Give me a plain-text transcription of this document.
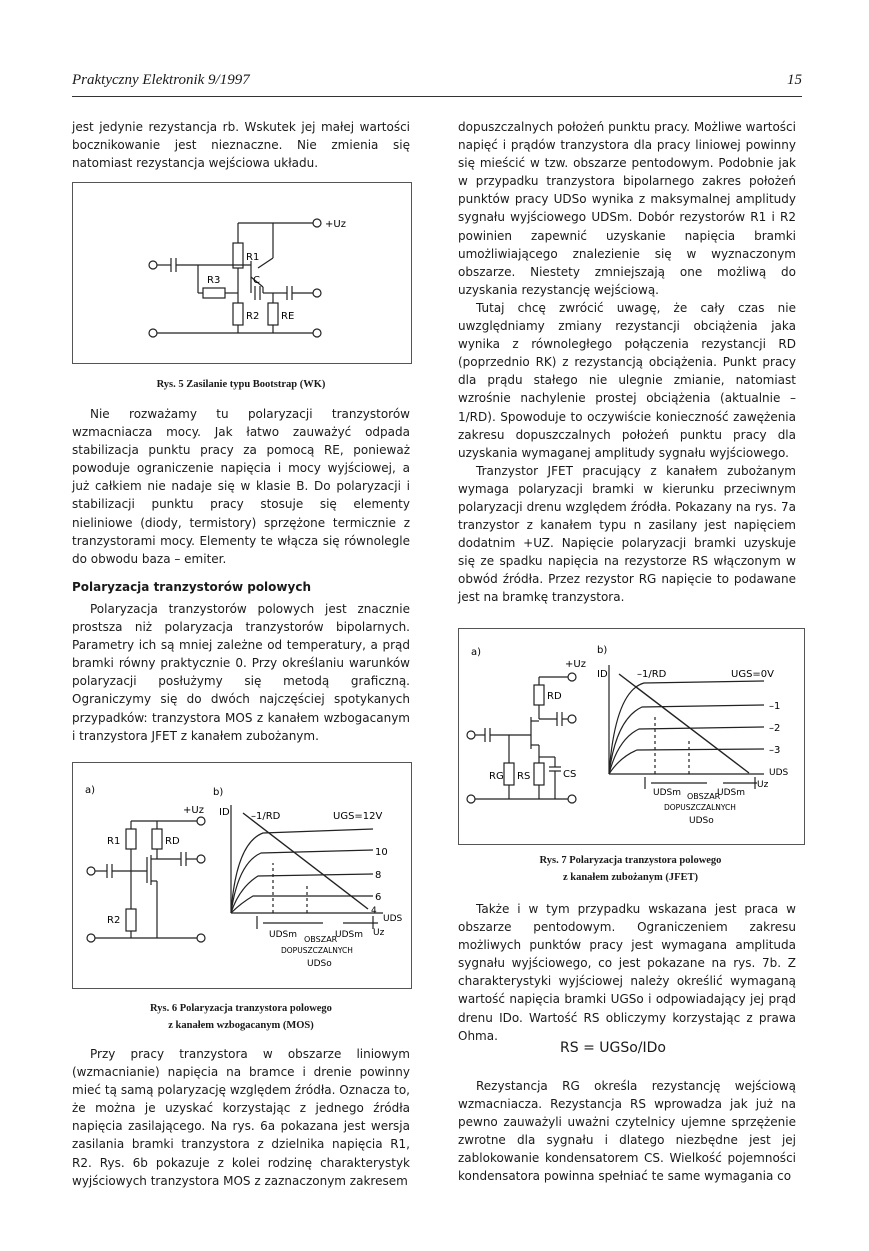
Praktyczny Elektronik 9/1997	15

jest jedynie rezystancja rb. Wskutek jej małej wartości bocznikowanie jest nieznaczne. Nie zmienia się natomiast rezystancja wejściowa układu.

+Uz
R1
R3	C
R2 RE
Rys. 5 Zasilanie typu Bootstrap (WK)

Nie rozważamy tu polaryzacji tranzystorów wzmacniacza mocy. Jak łatwo zauważyć odpada stabilizacja punktu pracy za pomocą RE, ponieważ powoduje ograniczenie napięcia i mocy wyjściowej, a już całkiem nie nadaje się w klasie B. Do polaryzacji i stabilizacji punktu pracy stosuje się elementy nieliniowe (diody, termistory) sprzężone termicznie z tranzystorami mocy. Elementy te włącza się równolegle do obwodu baza – emiter.

Polaryzacja tranzystorów polowych

Polaryzacja tranzystorów polowych jest znacznie prostsza niż polaryzacja tranzystorów bipolarnych. Parametry ich są mniej zależne od temperatury, a prąd bramki równy praktycznie 0. Przy określaniu warunków polaryzacji posłużymy się metodą graficzną. Ograniczymy się do dwóch najczęściej spotykanych przypadków: tranzystora MOS z kanałem wzbogacanym i tranzystora JFET z kanałem zubożanym.

a)	b)
+Uz
R1	RD
R2
ID –1/RD	UGS=12V
10
8
6
4
UDS
Uz
UDSm OBSZAR
UDSm
DOPUSZCZALNYCH
UDSo
Rys. 6 Polaryzacja tranzystora polowego
z kanałem wzbogacanym (MOS)

Przy pracy tranzystora w obszarze liniowym (wzmacnianie) napięcia na bramce i drenie powinny mieć tą samą polaryzację względem źródła. Oznacza to, że można je uzyskać korzystając z jednego źródła napięcia zasilającego. Na rys. 6a pokazana jest wersja zasilania bramki tranzystora z dzielnika napięcia R1, R2. Rys. 6b pokazuje z kolei rodzinę charakterystyk wyjściowych tranzystora MOS z zaznaczonym zakresem

dopuszczalnych położeń punktu pracy. Możliwe wartości napięć i prądów tranzystora dla pracy liniowej powinny się mieścić w tzw. obszarze pentodowym. Podobnie jak w przypadku tranzystora bipolarnego zakres położeń punktów pracy UDSo wynika z maksymalnej amplitudy sygnału wyjściowego UDSm. Dobór rezystorów R1 i R2 powinien zapewnić uzyskanie napięcia bramki umożliwiającego znalezienie się w wyznaczonym obszarze. Niestety zmniejszają one możliwą do uzyskania rezystancję wejściową.

Tutaj chcę zwrócić uwagę, że cały czas nie uwzględniamy zmiany rezystancji obciążenia jaka wynika z równoległego połączenia rezystancji RD (poprzednio RK) z rezystancją obciążenia. Punkt pracy dla prądu stałego nie ulegnie zmianie, natomiast wzrośnie nachylenie prostej obciążenia (aktualnie – 1/RD). Spowoduje to oczywiście konieczność zawężenia zakresu dopuszczalnych położeń punktu pracy dla uzyskania wymaganej amplitudy sygnału wyjściowego.

Tranzystor JFET pracujący z kanałem zubożanym wymaga polaryzacji bramki w kierunku przeciwnym polaryzacji drenu względem źródła. Pokazany na rys. 7a tranzystor z kanałem typu n zasilany jest napięciem dodatnim +UZ. Napięcie polaryzacji bramki uzyskuje się ze spadku napięcia na rezystorze RS włączonym w obwód źródła. Przez rezystor RG napięcie to podawane jest na bramkę tranzystora.

a)	b)
+Uz
RD
RG RS	CS
ID	–1/RD	UGS=0V
–1
–2
–3
UDS
Uz
UDSm OBSZAR
UDSm
DOPUSZCZALNYCH
UDSo
Rys. 7 Polaryzacja tranzystora polowego
z kanałem zubożanym (JFET)

Także i w tym przypadku wskazana jest praca w obszarze pentodowym. Ograniczeniem zakresu możliwych punktów pracy jest wymagana amplituda sygnału wyjściowego, co jest pokazane na rys. 7b. Z charakterystyki wyjściowej należy określić wymaganą wartość napięcia bramki UGSo i odpowiadający jej prąd drenu IDo. Wartość RS obliczymy korzystając z prawa Ohma.

RS = UGSo/IDo

Rezystancja RG określa rezystancję wejściową wzmacniacza. Rezystancja RS wprowadza jak już na pewno zauważyli uważni czytelnicy ujemne sprzężenie zwrotne dla sygnału i dlatego niezbędne jest jej zablokowanie kondensatorem CS. Wielkość pojemności kondensatora powinna spełniać te same wymagania co
